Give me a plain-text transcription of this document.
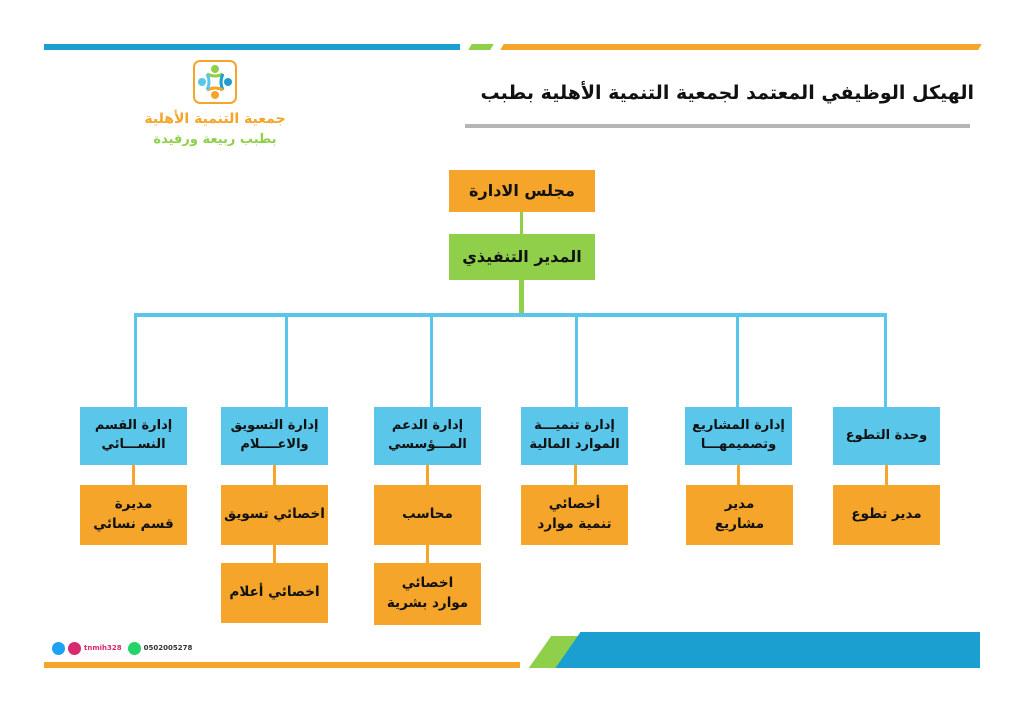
الهيكل الوظيفي المعتمد لجمعية التنمية الأهلية بطبب
جمعية التنمية الأهلية
بطبب ربيعة ورفيدة
مجلس الادارة
المدير التنفيذي
وحدة التطوع
إدارة المشاريع
وتصميمهـــا
إدارة تنميـــة
الموارد المالية
إدارة الدعم
المـــؤسسي
إدارة التسويق
والاعــــلام
إدارة القسم
النســـائي
مدير تطوع
مدير
مشاريع
أخصائي
تنمية موارد
محاسب
اخصائي تسويق
مديرة
قسم نسائي
اخصائي
موارد بشرية
اخصائي أعلام
tnmih328	0502005278
